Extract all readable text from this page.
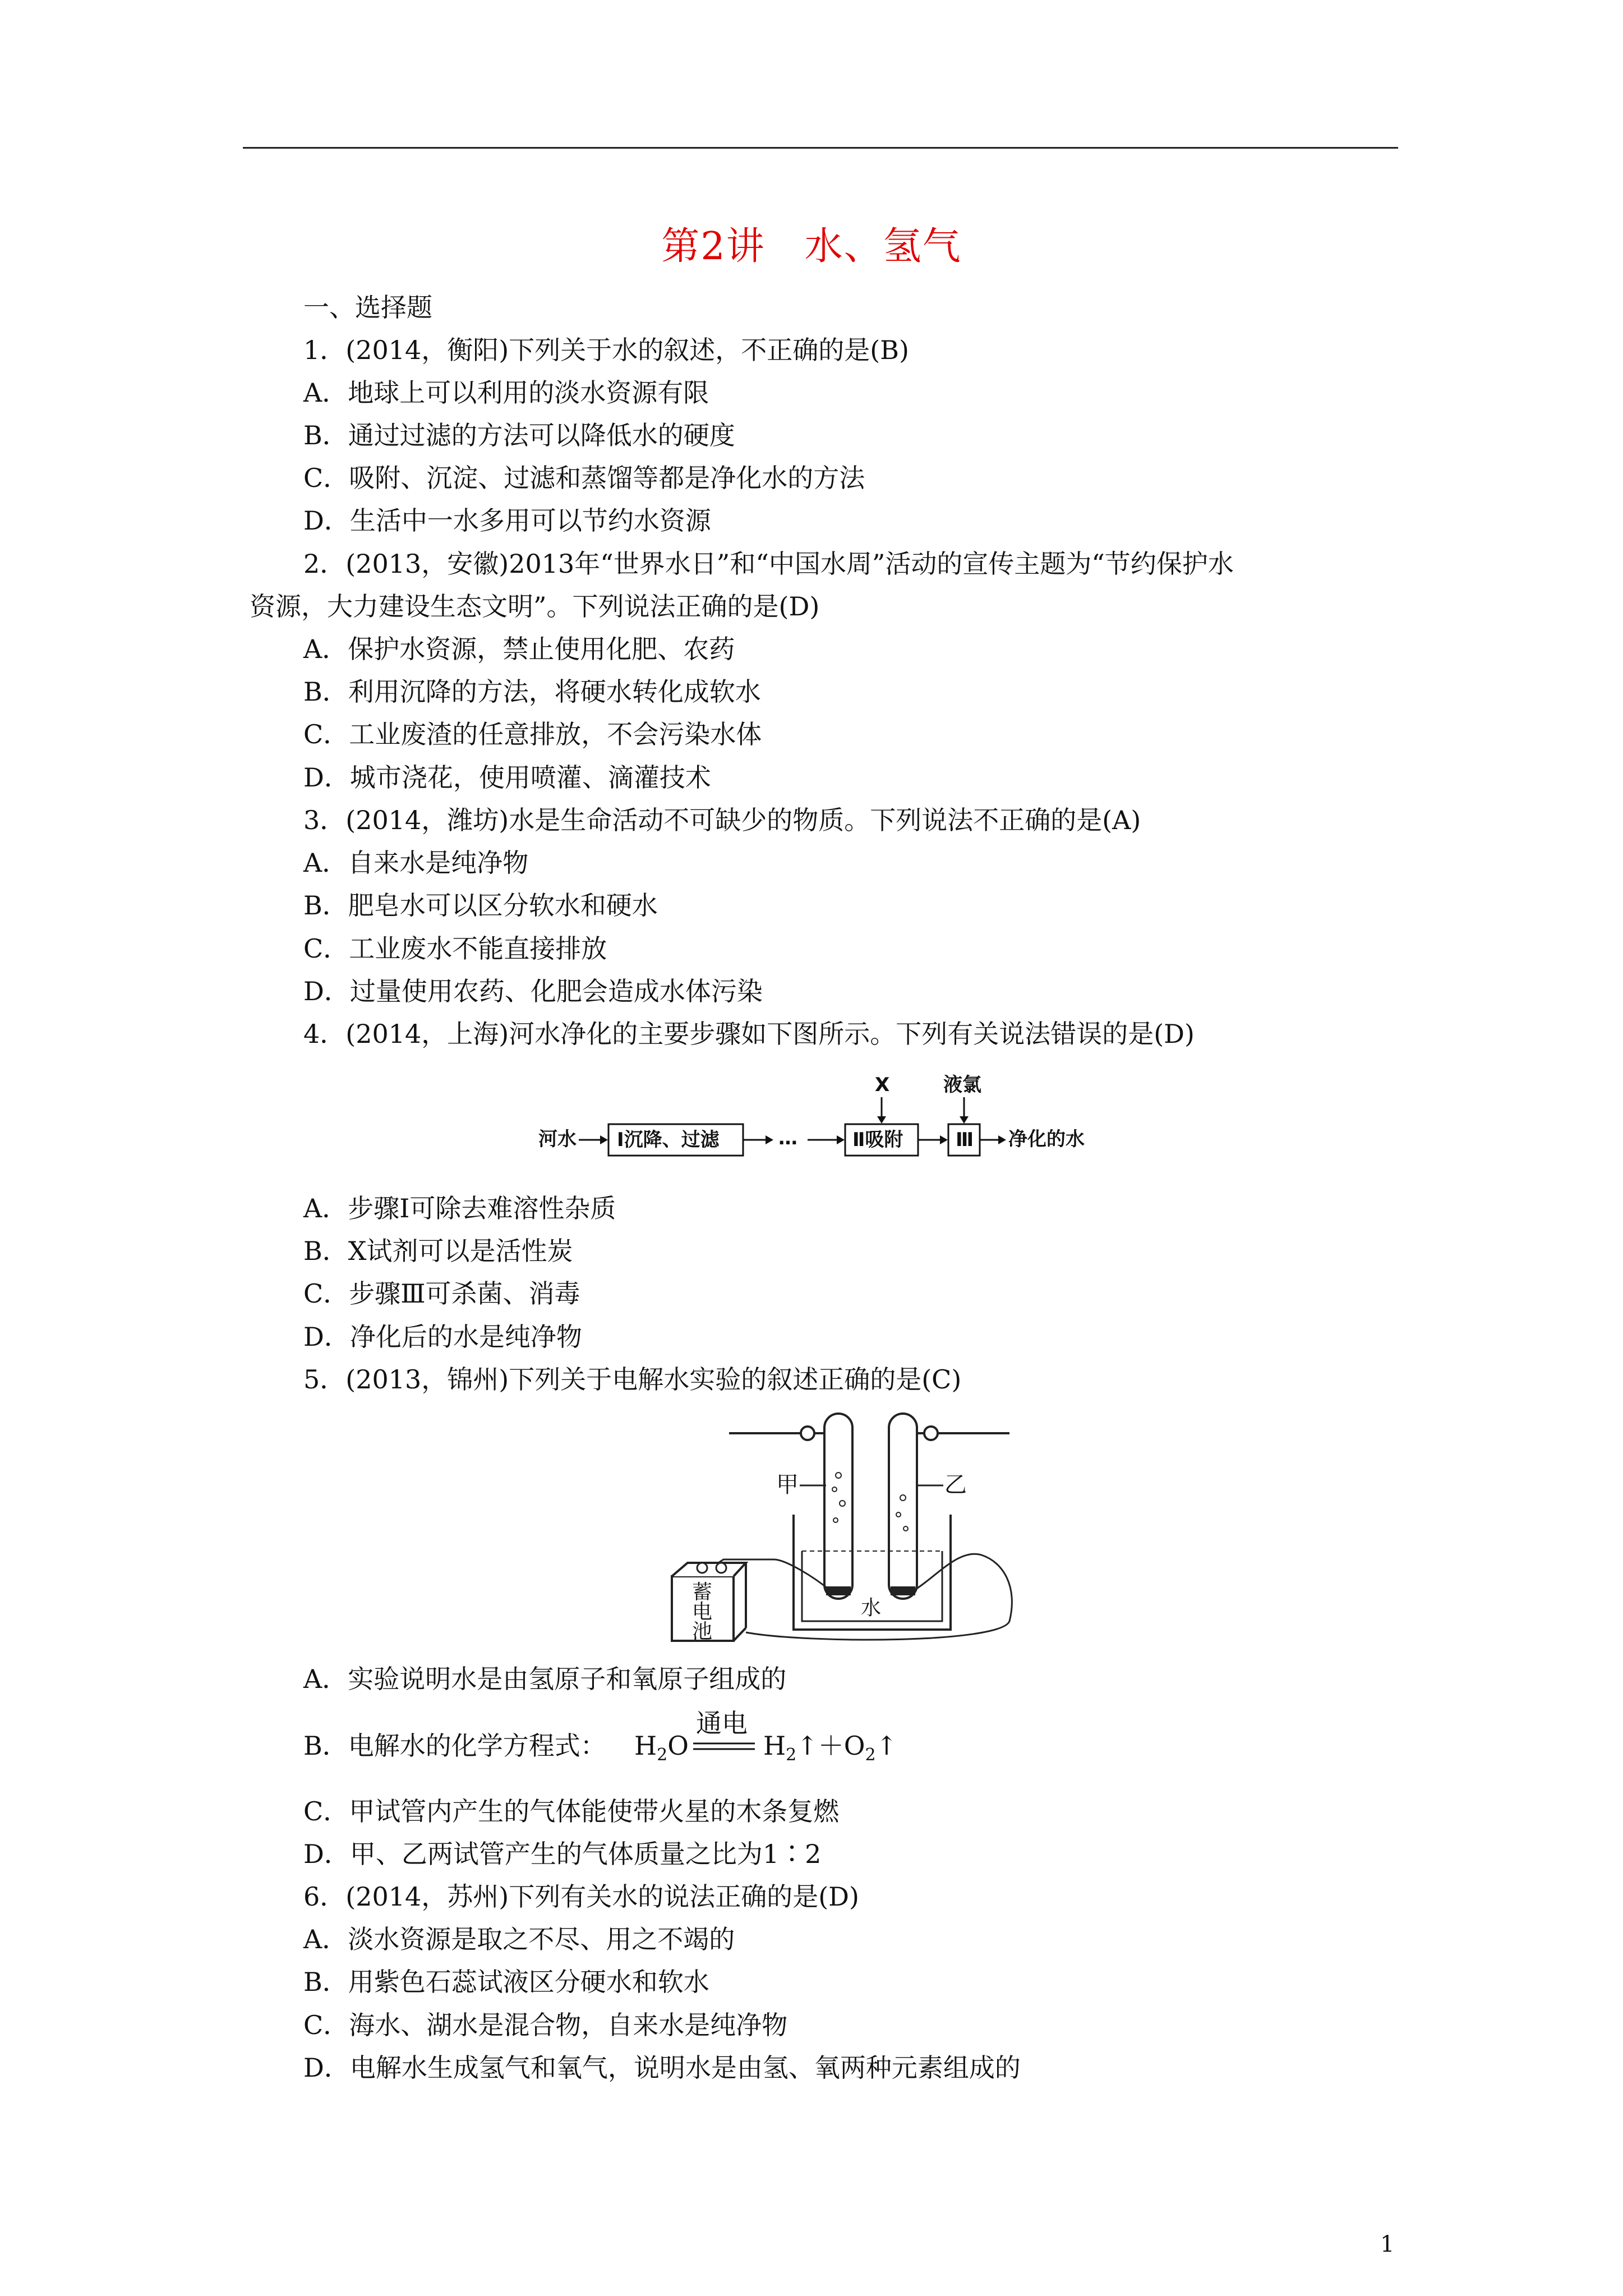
第2讲　水、氢气
一、选择题
1．(2014，衡阳)下列关于水的叙述，不正确的是(B)
A．地球上可以利用的淡水资源有限
B．通过过滤的方法可以降低水的硬度
C．吸附、沉淀、过滤和蒸馏等都是净化水的方法
D．生活中一水多用可以节约水资源
2．(2013，安徽)2013年“世界水日”和“中国水周”活动的宣传主题为“节约保护水
资源，大力建设生态文明”。下列说法正确的是(D)
A．保护水资源，禁止使用化肥、农药
B．利用沉降的方法，将硬水转化成软水
C．工业废渣的任意排放，不会污染水体
D．城市浇花，使用喷灌、滴灌技术
3．(2014，潍坊)水是生命活动不可缺少的物质。下列说法不正确的是(A)
A．自来水是纯净物
B．肥皂水可以区分软水和硬水
C．工业废水不能直接排放
D．过量使用农药、化肥会造成水体污染
4．(2014，上海)河水净化的主要步骤如下图所示。下列有关说法错误的是(D)
河水 Ⅰ沉降、过滤	…	Ⅱ吸附
X
Ⅲ
液氯
净化的水
A．步骤Ⅰ可除去难溶性杂质
B．X试剂可以是活性炭
C．步骤Ⅲ可杀菌、消毒
D．净化后的水是纯净物
5．(2013，锦州)下列关于电解水实验的叙述正确的是(C)
甲	乙
水
蓄
电
池
A．实验说明水是由氢原子和氧原子组成的
B．电解水的化学方程式： $H_2O$
通电
$H_2↑+O_2↑$
C．甲试管内产生的气体能使带火星的木条复燃
D．甲、乙两试管产生的气体质量之比为1∶2
6．(2014，苏州)下列有关水的说法正确的是(D)
A．淡水资源是取之不尽、用之不竭的
B．用紫色石蕊试液区分硬水和软水
C．海水、湖水是混合物，自来水是纯净物
D．电解水生成氢气和氧气，说明水是由氢、氧两种元素组成的
1
